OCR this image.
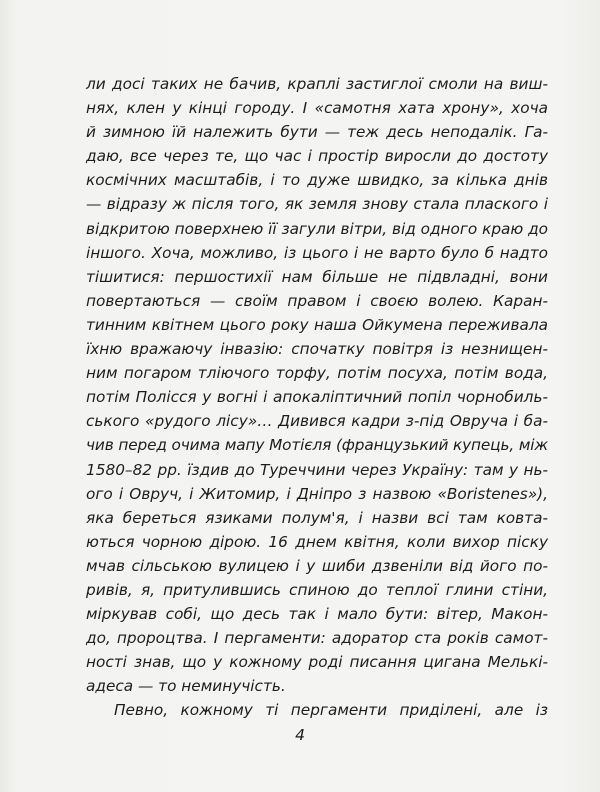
ли досі таких не бачив, краплі застиглої смоли на виш-
нях, клен у кінці городу. І «самотня хата хрону», хоча
й зимною їй належить бути — теж десь неподалік. Га-
даю, все через те, що час і простір виросли до достоту
космічних масштабів, і то дуже швидко, за кілька днів
— відразу ж після того, як земля знову стала плаского і
відкритою поверхнею її загули вітри, від одного краю до
іншого. Хоча, можливо, із цього і не варто було б надто
тішитися: першостихії нам більше не підвладні, вони
повертаються — своїм правом і своєю волею. Каран-
тинним квітнем цього року наша Ойкумена переживала
їхню вражаючу інвазію: спочатку повітря із незнищен-
ним погаром тліючого торфу, потім посуха, потім вода,
потім Полісся у вогні і апокаліптичний попіл чорнобиль-
ського «рудого лісу»… Дивився кадри з-під Овруча і ба-
чив перед очима мапу Мотієля (французький купець, між
1580–82 рр. їздив до Туреччини через Україну: там у нь-
ого і Овруч, і Житомир, і Дніпро з назвою «Boristenes»),
яка береться язиками полум'я, і назви всі там ковта-
ються чорною дірою. 16 днем квітня, коли вихор піску
мчав сільською вулицею і у шиби дзвеніли від його по-
ривів, я, притулившись спиною до теплої глини стіни,
міркував собі, що десь так і мало бути: вітер, Макон-
до, пророцтва. І пергаменти: адоратор ста років самот-
ності знав, що у кожному роді писання цигана Мелькі-
адеса — то неминучість.
Певно, кожному ті пергаменти приділені, але із
4
